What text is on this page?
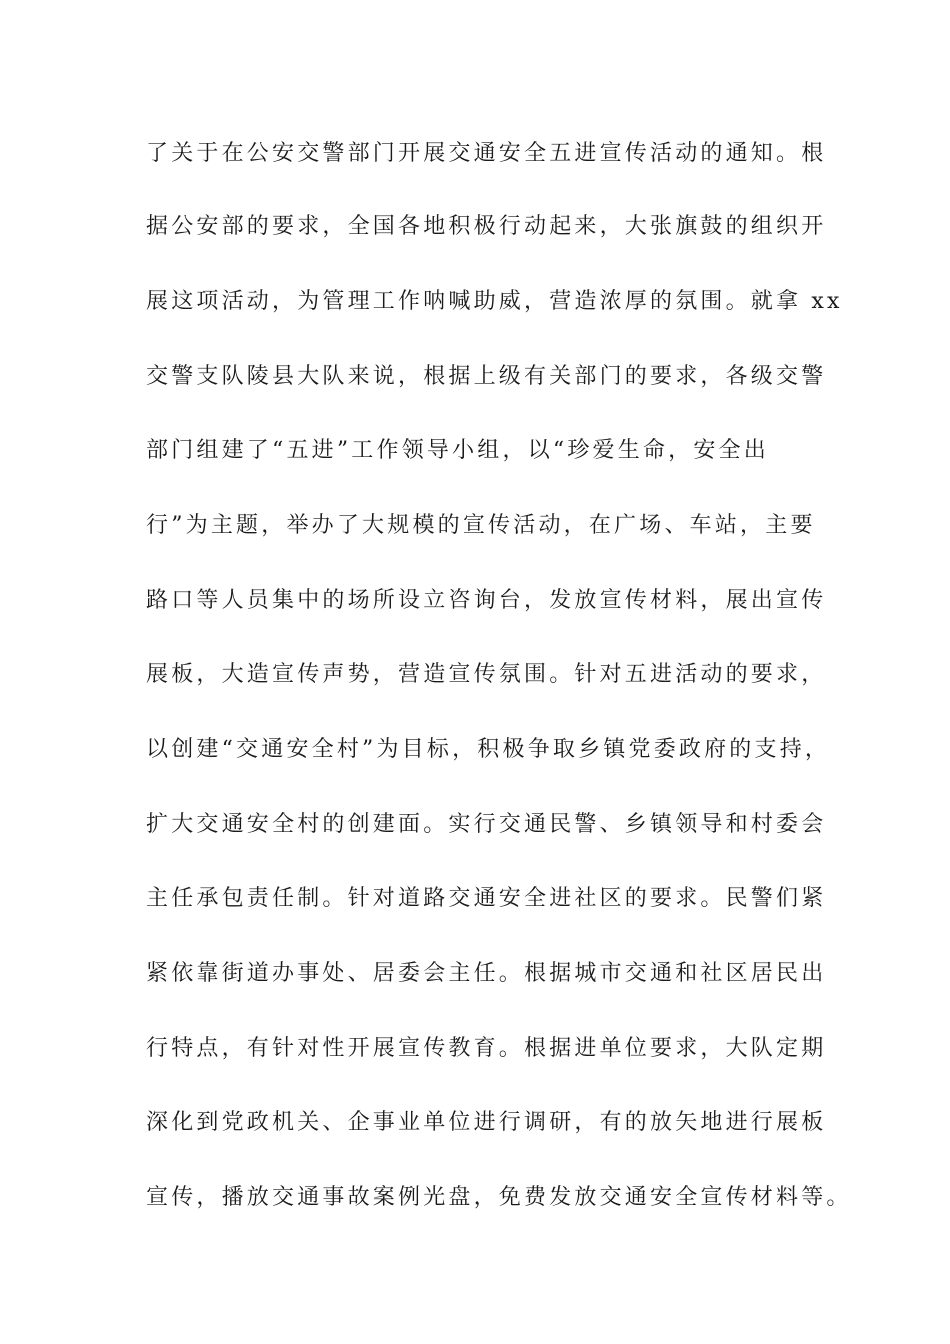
了关于在公安交警部门开展交通安全五进宣传活动的通知。根
据公安部的要求，全国各地积极行动起来，大张旗鼓的组织开
展这项活动，为管理工作呐喊助威，营造浓厚的氛围。就拿 xx
交警支队陵县大队来说，根据上级有关部门的要求，各级交警
部门组建了“五进”工作领导小组，以“珍爱生命，安全出
行”为主题，举办了大规模的宣传活动，在广场、车站，主要
路口等人员集中的场所设立咨询台，发放宣传材料，展出宣传
展板，大造宣传声势，营造宣传氛围。针对五进活动的要求，
以创建“交通安全村”为目标，积极争取乡镇党委政府的支持，
扩大交通安全村的创建面。实行交通民警、乡镇领导和村委会
主任承包责任制。针对道路交通安全进社区的要求。民警们紧
紧依靠街道办事处、居委会主任。根据城市交通和社区居民出
行特点，有针对性开展宣传教育。根据进单位要求，大队定期
深化到党政机关、企事业单位进行调研，有的放矢地进行展板
宣传，播放交通事故案例光盘，免费发放交通安全宣传材料等。
